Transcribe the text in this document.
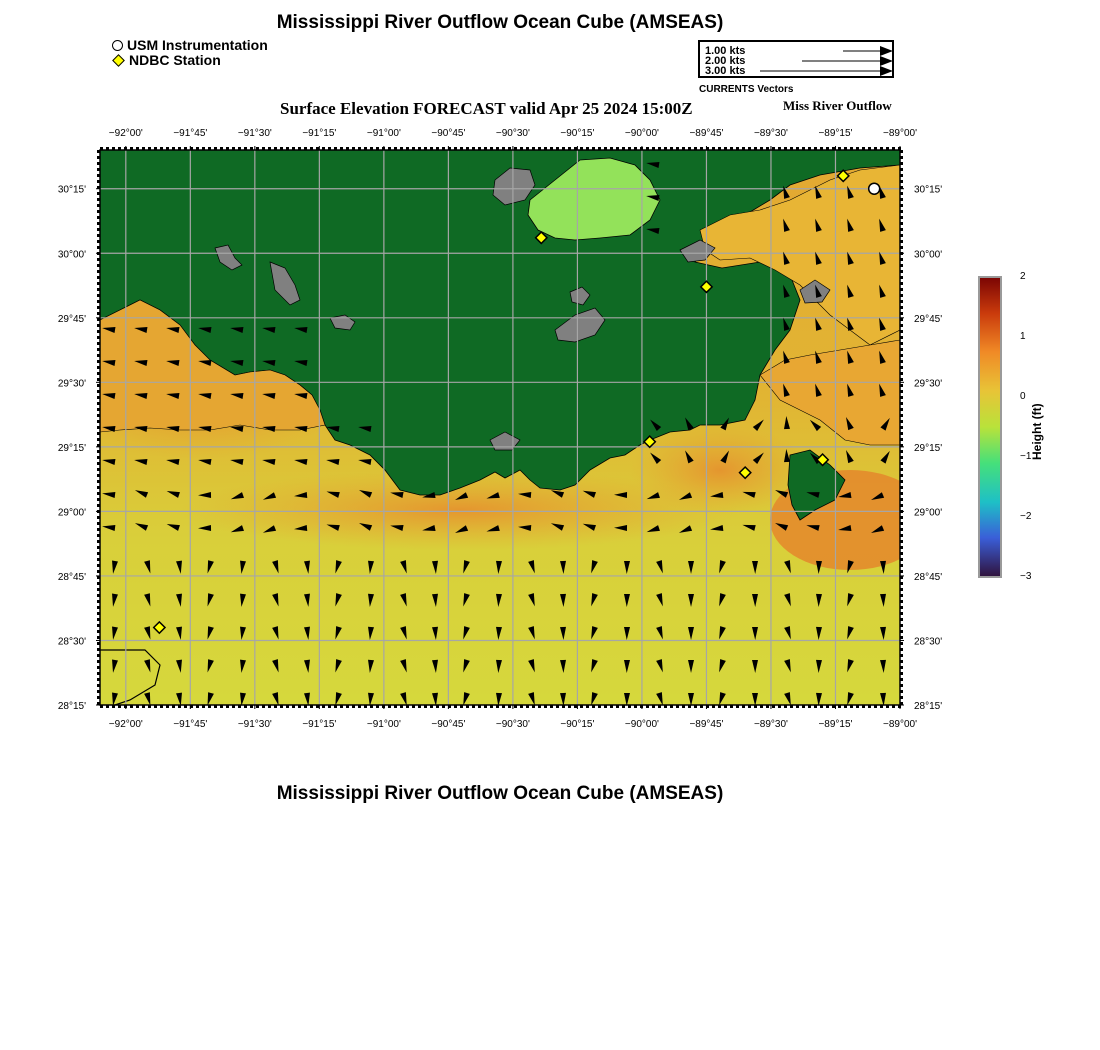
Mississippi River Outflow Ocean Cube (AMSEAS)
USM Instrumentation
NDBC Station
1.00 kts
2.00 kts
3.00 kts
CURRENTS Vectors
Surface Elevation FORECAST valid Apr 25 2024 15:00Z	Miss River Outflow
−92°00'
−92°00'
−91°45'
−91°45'
−91°30'
−91°30'
−91°15'
−91°15'
−91°00'
−91°00'
−90°45'
−90°45'
−90°30'
−90°30'
−90°15'
−90°15'
−90°00'
−90°00'
−89°45'
−89°45'
−89°30'
−89°30'
−89°15'
−89°15'
−89°00'
−89°00'
28°15'	28°15'
28°30'	28°30'
28°45'	28°45'
29°00'	29°00'
29°15'	29°15'
29°30'	29°30'
29°45'	29°45'
30°00'	30°00'
30°15'	30°15'
2
1
0
−1
−2
−3
Height (ft)
Mississippi River Outflow Ocean Cube (AMSEAS)
